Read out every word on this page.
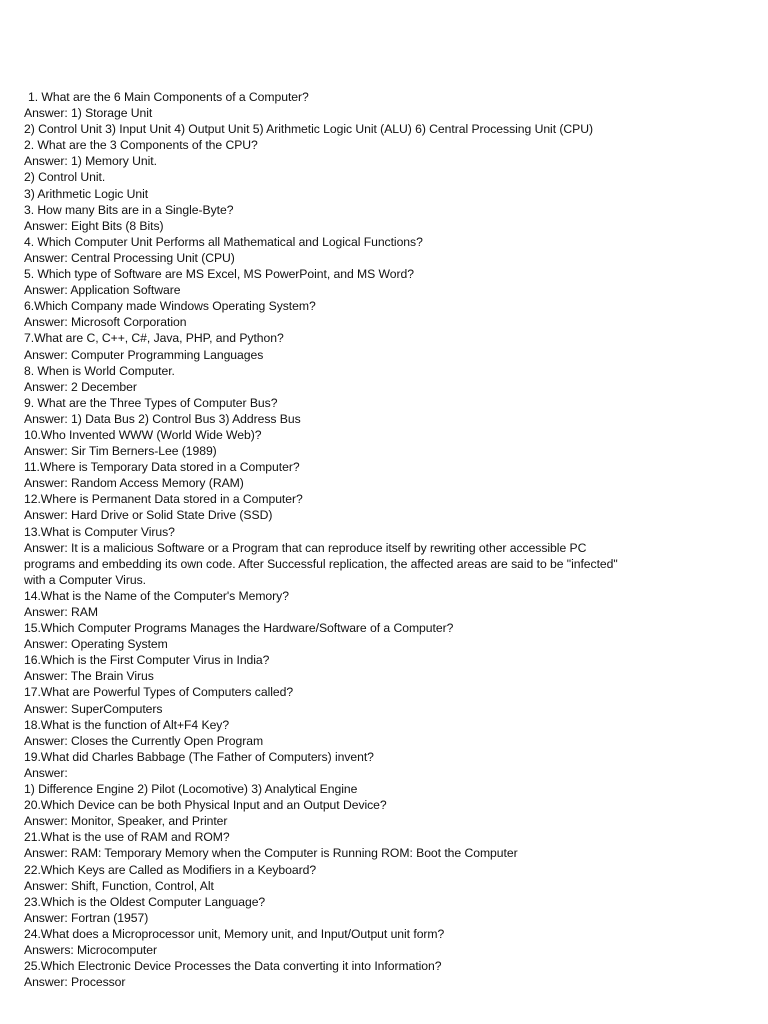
1. What are the 6 Main Components of a Computer?
Answer: 1) Storage Unit
2) Control Unit 3) Input Unit 4) Output Unit 5) Arithmetic Logic Unit (ALU) 6) Central Processing Unit (CPU)
2. What are the 3 Components of the CPU?
Answer: 1) Memory Unit.
2) Control Unit.
3) Arithmetic Logic Unit
3. How many Bits are in a Single-Byte?
Answer: Eight Bits (8 Bits)
4. Which Computer Unit Performs all Mathematical and Logical Functions?
Answer: Central Processing Unit (CPU)
5. Which type of Software are MS Excel, MS PowerPoint, and MS Word?
Answer: Application Software
6.Which Company made Windows Operating System?
Answer: Microsoft Corporation
7.What are C, C++, C#, Java, PHP, and Python?
Answer: Computer Programming Languages
8. When is World Computer.
Answer: 2 December
9. What are the Three Types of Computer Bus?
Answer: 1) Data Bus 2) Control Bus 3) Address Bus
10.Who Invented WWW (World Wide Web)?
Answer: Sir Tim Berners-Lee (1989)
11.Where is Temporary Data stored in a Computer?
Answer: Random Access Memory (RAM)
12.Where is Permanent Data stored in a Computer?
Answer: Hard Drive or Solid State Drive (SSD)
13.What is Computer Virus?
Answer: It is a malicious Software or a Program that can reproduce itself by rewriting other accessible PC
programs and embedding its own code. After Successful replication, the affected areas are said to be "infected"
with a Computer Virus.
14.What is the Name of the Computer's Memory?
Answer: RAM
15.Which Computer Programs Manages the Hardware/Software of a Computer?
Answer: Operating System
16.Which is the First Computer Virus in India?
Answer: The Brain Virus
17.What are Powerful Types of Computers called?
Answer: SuperComputers
18.What is the function of Alt+F4 Key?
Answer: Closes the Currently Open Program
19.What did Charles Babbage (The Father of Computers) invent?
Answer:
1) Difference Engine 2) Pilot (Locomotive) 3) Analytical Engine
20.Which Device can be both Physical Input and an Output Device?
Answer: Monitor, Speaker, and Printer
21.What is the use of RAM and ROM?
Answer: RAM: Temporary Memory when the Computer is Running ROM: Boot the Computer
22.Which Keys are Called as Modifiers in a Keyboard?
Answer: Shift, Function, Control, Alt
23.Which is the Oldest Computer Language?
Answer: Fortran (1957)
24.What does a Microprocessor unit, Memory unit, and Input/Output unit form?
Answers: Microcomputer
25.Which Electronic Device Processes the Data converting it into Information?
Answer: Processor
